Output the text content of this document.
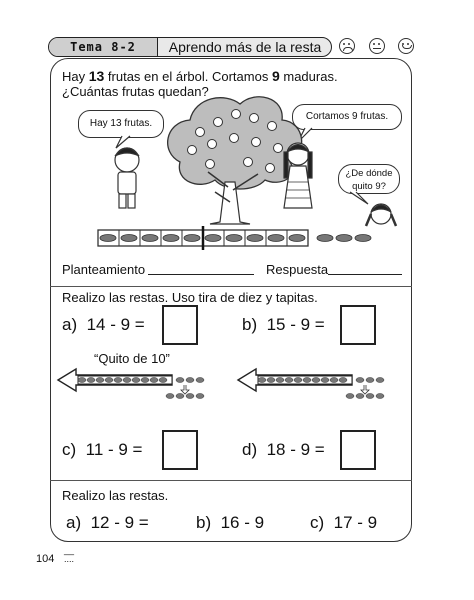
Tema 8-2	Aprendo más de la resta
Hay 13 frutas en el árbol. Cortamos 9 maduras.
¿Cuántas frutas quedan?
Hay 13 frutas.
Cortamos 9 frutas.
¿De dónde quito 9?
Planteamiento	Respuesta
Realizo las restas. Uso tira de diez y tapitas.
a) 14 - 9 =	b) 15 - 9 =
“Quito de 10”
c) 11 - 9 =	d) 18 - 9 =
Realizo las restas.
a) 12 - 9 =	b) 16 - 9	c) 17 - 9
104
__
....
